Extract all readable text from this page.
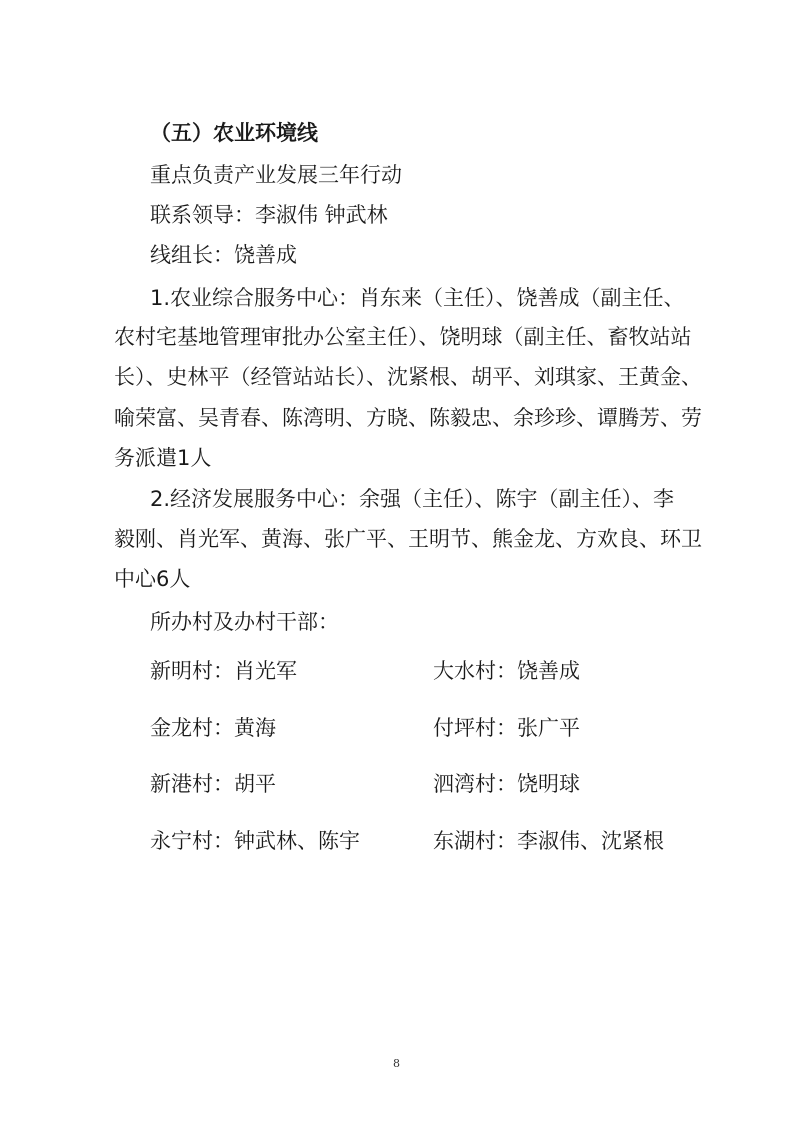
（五）农业环境线
重点负责产业发展三年行动
联系领导：李淑伟 钟武林
线组长：饶善成
1.农业综合服务中心：肖东来（主任）、饶善成（副主任、
农村宅基地管理审批办公室主任）、饶明球（副主任、畜牧站站
长）、史林平（经管站站长）、沈紧根、胡平、刘琪家、王黄金、
喻荣富、吴青春、陈湾明、方晓、陈毅忠、余珍珍、谭腾芳、劳
务派遣1人
2.经济发展服务中心：余强（主任）、陈宇（副主任）、李
毅刚、肖光军、黄海、张广平、王明节、熊金龙、方欢良、环卫
中心6人
所办村及办村干部：
新明村：肖光军	大水村：饶善成
金龙村：黄海	付坪村：张广平
新港村：胡平	泗湾村：饶明球
永宁村：钟武林、陈宇	东湖村：李淑伟、沈紧根
8
